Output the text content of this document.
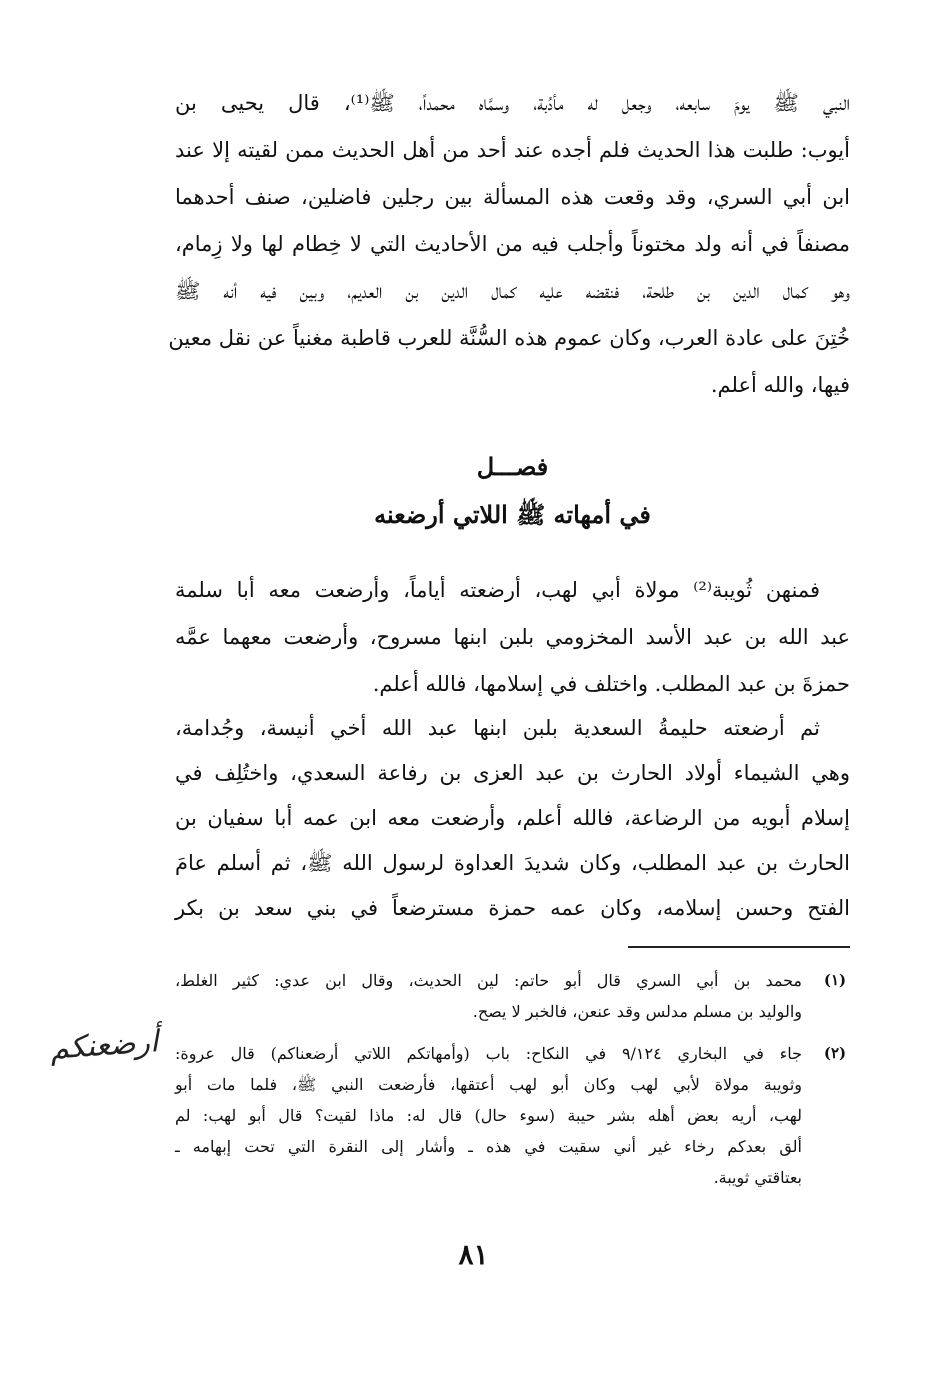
النبي ﷺ يومَ سابعه، وجعل له مأدُبة، وسمَّاه محمداً، ﷺ⁽¹⁾، قال يحيى بن
أيوب: طلبت هذا الحديث فلم أجده عند أحد من أهل الحديث ممن لقيته إلا عند
ابن أبي السري، وقد وقعت هذه المسألة بين رجلين فاضلين، صنف أحدهما
مصنفاً في أنه ولد مختوناً وأجلب فيه من الأحاديث التي لا خِطام لها ولا زِمام،
وهو كمال الدين بن طلحة، فنقضه عليه كمال الدين بن العديم، وبين فيه أنه ﷺ
خُتِنَ على عادة العرب، وكان عموم هذه السُّنَّة للعرب قاطبة مغنياً عن نقل معين
فيها، والله أعلم.
فصـــل
في أمهاته ﷺ اللاتي أرضعنه
فمنهن ثُويبة⁽²⁾ مولاة أبي لهب، أرضعته أياماً، وأرضعت معه أبا سلمة
عبد الله بن عبد الأسد المخزومي بلبن ابنها مسروح، وأرضعت معهما عمَّه
حمزةَ بن عبد المطلب. واختلف في إسلامها، فالله أعلم.
ثم أرضعته حليمةُ السعدية بلبن ابنها عبد الله أخي أنيسة، وجُدامة،
وهي الشيماء أولاد الحارث بن عبد العزى بن رفاعة السعدي، واختُلِف في
إسلام أبويه من الرضاعة، فالله أعلم، وأرضعت معه ابن عمه أبا سفيان بن
الحارث بن عبد المطلب، وكان شديدَ العداوة لرسول الله ﷺ، ثم أسلم عامَ
الفتح وحسن إسلامه، وكان عمه حمزة مسترضعاً في بني سعد بن بكر
(١)
محمد بن أبي السري قال أبو حاتم: لين الحديث، وقال ابن عدي: كثير الغلط،
والوليد بن مسلم مدلس وقد عنعن، فالخبر لا يصح.
(٢)
جاء في البخاري ٩/١٢٤ في النكاح: باب (وأمهاتكم اللاتي أرضعناكم) قال عروة:
وثويبة مولاة لأبي لهب وكان أبو لهب أعتقها، فأرضعت النبي ﷺ، فلما مات أبو
لهب، أريه بعض أهله بشر حيبة (سوء حال) قال له: ماذا لقيت؟ قال أبو لهب: لم
ألق بعدكم رخاء غير أني سقيت في هذه ـ وأشار إلى النقرة التي تحت إبهامه ـ
بعتاقتي ثويبة.
أرضعنكم
٨١
